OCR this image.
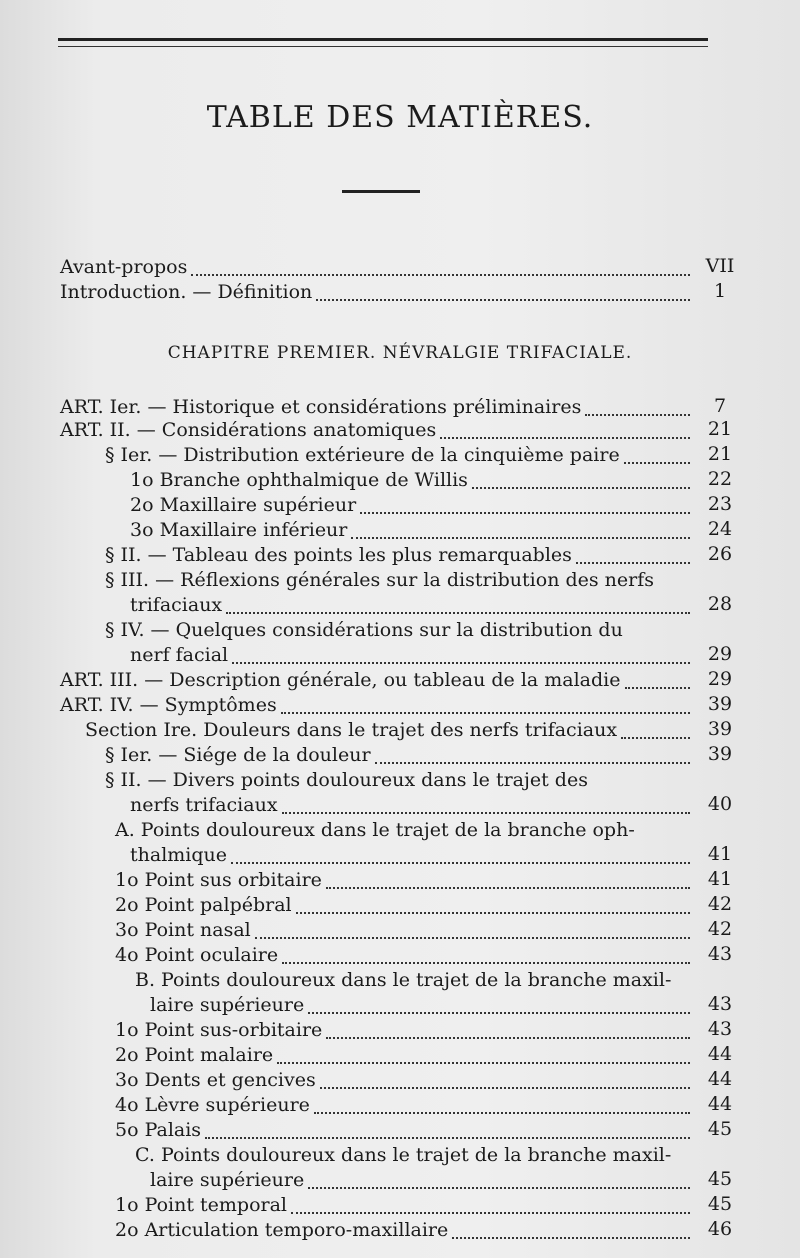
TABLE DES MATIÈRES.
CHAPITRE PREMIER. NÉVRALGIE TRIFACIALE.
Avant-propos	VII
Introduction. — Définition	1
ART. Ier. — Historique et considérations préliminaires	7
ART. II. — Considérations anatomiques	21
§ Ier. — Distribution extérieure de la cinquième paire	21
1o Branche ophthalmique de Willis	22
2o Maxillaire supérieur	23
3o Maxillaire inférieur	24
§ II. — Tableau des points les plus remarquables	26
§ III. — Réflexions générales sur la distribution des nerfs
trifaciaux	28
§ IV. — Quelques considérations sur la distribution du
nerf facial	29
ART. III. — Description générale, ou tableau de la maladie	29
ART. IV. — Symptômes	39
Section Ire. Douleurs dans le trajet des nerfs trifaciaux	39
§ Ier. — Siége de la douleur	39
§ II. — Divers points douloureux dans le trajet des
nerfs trifaciaux	40
A. Points douloureux dans le trajet de la branche oph-
thalmique	41
1o Point sus orbitaire	41
2o Point palpébral	42
3o Point nasal	42
4o Point oculaire	43
B. Points douloureux dans le trajet de la branche maxil-
laire supérieure	43
1o Point sus-orbitaire	43
2o Point malaire	44
3o Dents et gencives	44
4o Lèvre supérieure	44
5o Palais	45
C. Points douloureux dans le trajet de la branche maxil-
laire supérieure	45
1o Point temporal	45
2o Articulation temporo-maxillaire	46
